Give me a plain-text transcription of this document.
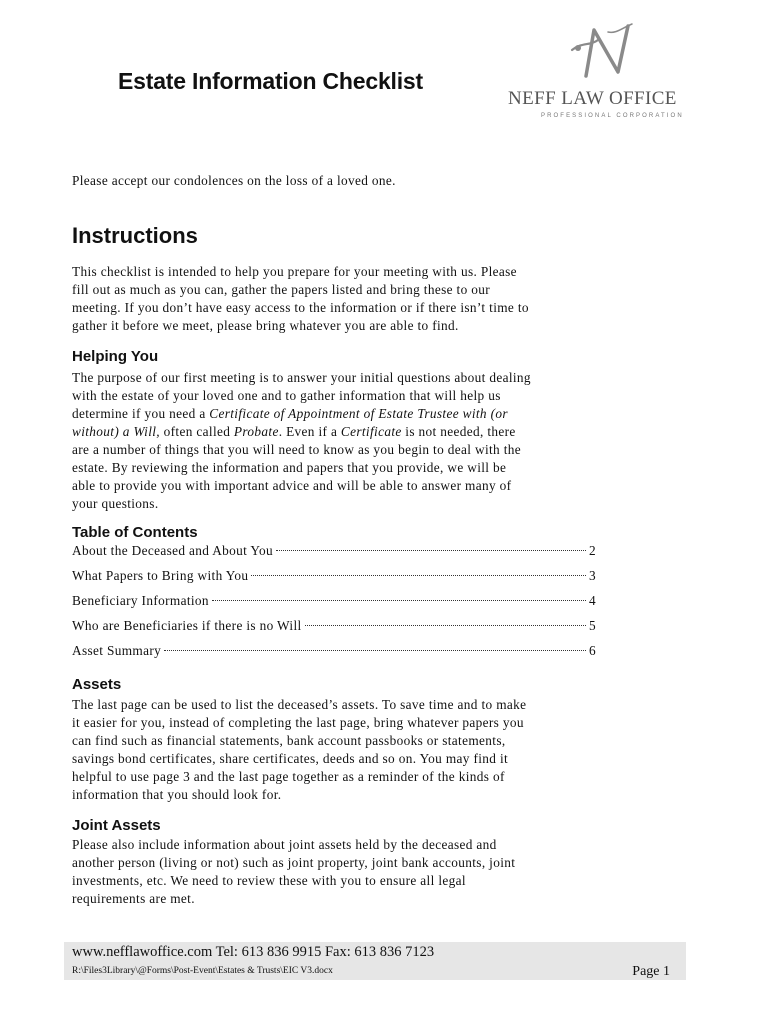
Estate Information Checklist
NEFF LAW OFFICE
PROFESSIONAL CORPORATION
Please accept our condolences on the loss of a loved one.
Instructions
This checklist is intended to help you prepare for your meeting with us. Please
fill out as much as you can, gather the papers listed and bring these to our
meeting. If you don’t have easy access to the information or if there isn’t time to
gather it before we meet, please bring whatever you are able to find.
Helping You
The purpose of our first meeting is to answer your initial questions about dealing
with the estate of your loved one and to gather information that will help us
determine if you need a Certificate of Appointment of Estate Trustee with (or
without) a Will, often called Probate. Even if a Certificate is not needed, there
are a number of things that you will need to know as you begin to deal with the
estate. By reviewing the information and papers that you provide, we will be
able to provide you with important advice and will be able to answer many of
your questions.
Table of Contents
About the Deceased and About You	2
What Papers to Bring with You	3
Beneficiary Information	4
Who are Beneficiaries if there is no Will	5
Asset Summary	6
Assets
The last page can be used to list the deceased’s assets. To save time and to make
it easier for you, instead of completing the last page, bring whatever papers you
can find such as financial statements, bank account passbooks or statements,
savings bond certificates, share certificates, deeds and so on. You may find it
helpful to use page 3 and the last page together as a reminder of the kinds of
information that you should look for.
Joint Assets
Please also include information about joint assets held by the deceased and
another person (living or not) such as joint property, joint bank accounts, joint
investments, etc. We need to review these with you to ensure all legal
requirements are met.
www.nefflawoffice.com Tel: 613 836 9915 Fax: 613 836 7123
R:\Files3Library\@Forms\Post-Event\Estates & Trusts\EIC V3.docx	Page 1
